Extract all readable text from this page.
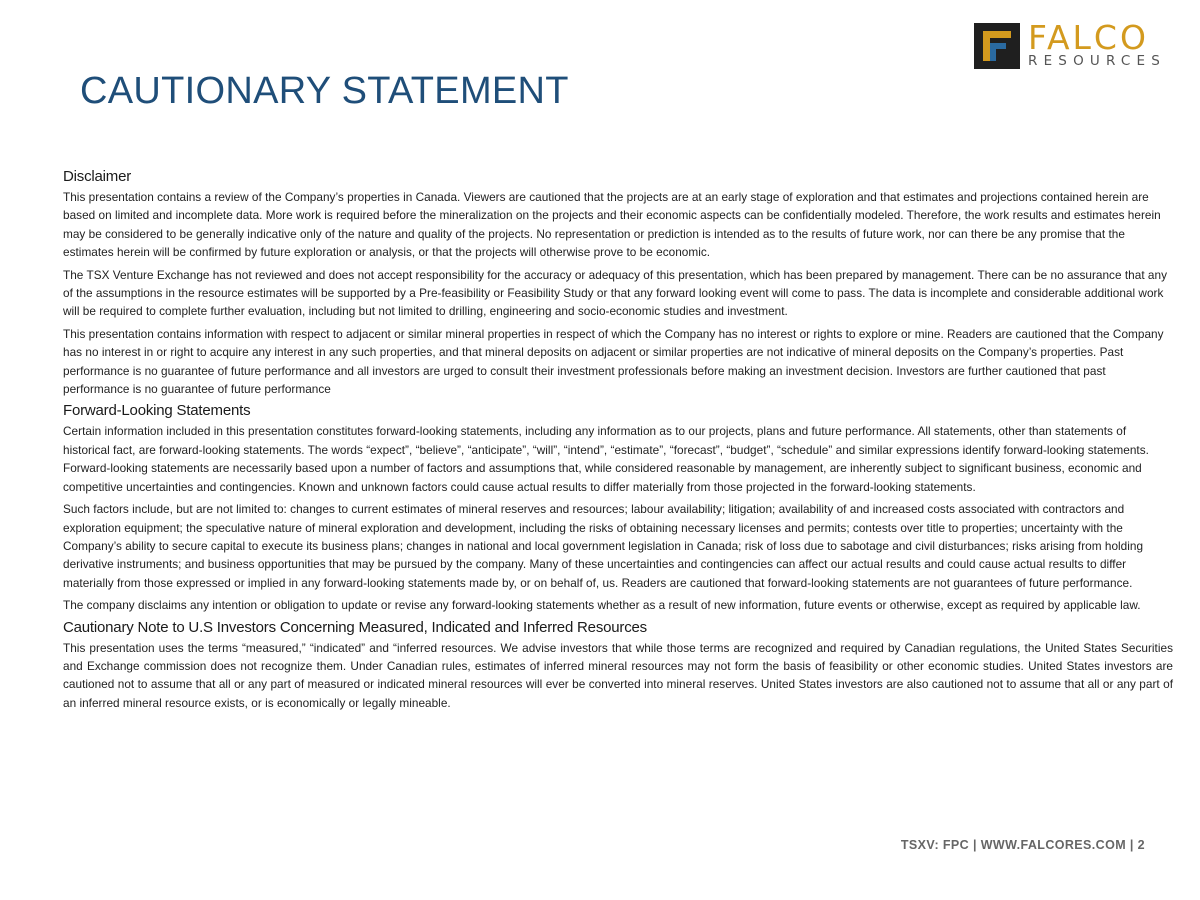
FALCO
RESOURCES
CAUTIONARY STATEMENT
Disclaimer

This presentation contains a review of the Company’s properties in Canada. Viewers are cautioned that the projects are at an early stage of exploration and that estimates and projections contained herein are based on limited and incomplete data. More work is required before the mineralization on the projects and their economic aspects can be confidentially modeled. Therefore, the work results and estimates herein may be considered to be generally indicative only of the nature and quality of the projects. No representation or prediction is intended as to the results of future work, nor can there be any promise that the estimates herein will be confirmed by future exploration or analysis, or that the projects will otherwise prove to be economic.

The TSX Venture Exchange has not reviewed and does not accept responsibility for the accuracy or adequacy of this presentation, which has been prepared by management. There can be no assurance that any of the assumptions in the resource estimates will be supported by a Pre-feasibility or Feasibility Study or that any forward looking event will come to pass. The data is incomplete and considerable additional work will be required to complete further evaluation, including but not limited to drilling, engineering and socio-economic studies and investment.

This presentation contains information with respect to adjacent or similar mineral properties in respect of which the Company has no interest or rights to explore or mine. Readers are cautioned that the Company has no interest in or right to acquire any interest in any such properties, and that mineral deposits on adjacent or similar properties are not indicative of mineral deposits on the Company’s properties. Past performance is no guarantee of future performance and all investors are urged to consult their investment professionals before making an investment decision. Investors are further cautioned that past performance is no guarantee of future performance

Forward-Looking Statements

Certain information included in this presentation constitutes forward-looking statements, including any information as to our projects, plans and future performance. All statements, other than statements of historical fact, are forward-looking statements. The words “expect”, “believe”, “anticipate”, “will”, “intend”, “estimate”, “forecast”, “budget”, “schedule” and similar expressions identify forward-looking statements. Forward-looking statements are necessarily based upon a number of factors and assumptions that, while considered reasonable by management, are inherently subject to significant business, economic and competitive uncertainties and contingencies. Known and unknown factors could cause actual results to differ materially from those projected in the forward-looking statements.

Such factors include, but are not limited to: changes to current estimates of mineral reserves and resources; labour availability; litigation; availability of and increased costs associated with contractors and exploration equipment; the speculative nature of mineral exploration and development, including the risks of obtaining necessary licenses and permits; contests over title to properties; uncertainty with the Company’s ability to secure capital to execute its business plans; changes in national and local government legislation in Canada; risk of loss due to sabotage and civil disturbances; risks arising from holding derivative instruments; and business opportunities that may be pursued by the company. Many of these uncertainties and contingencies can affect our actual results and could cause actual results to differ materially from those expressed or implied in any forward-looking statements made by, or on behalf of, us. Readers are cautioned that forward-looking statements are not guarantees of future performance.

The company disclaims any intention or obligation to update or revise any forward-looking statements whether as a result of new information, future events or otherwise, except as required by applicable law.

Cautionary Note to U.S Investors Concerning Measured, Indicated and Inferred Resources

This presentation uses the terms “measured,” “indicated” and “inferred resources. We advise investors that while those terms are recognized and required by Canadian regulations, the United States Securities and Exchange commission does not recognize them. Under Canadian rules, estimates of inferred mineral resources may not form the basis of feasibility or other economic studies. United States investors are cautioned not to assume that all or any part of measured or indicated mineral resources will ever be converted into mineral reserves. United States investors are also cautioned not to assume that all or any part of an inferred mineral resource exists, or is economically or legally mineable.

TSXV: FPC | WWW.FALCORES.COM | 2
